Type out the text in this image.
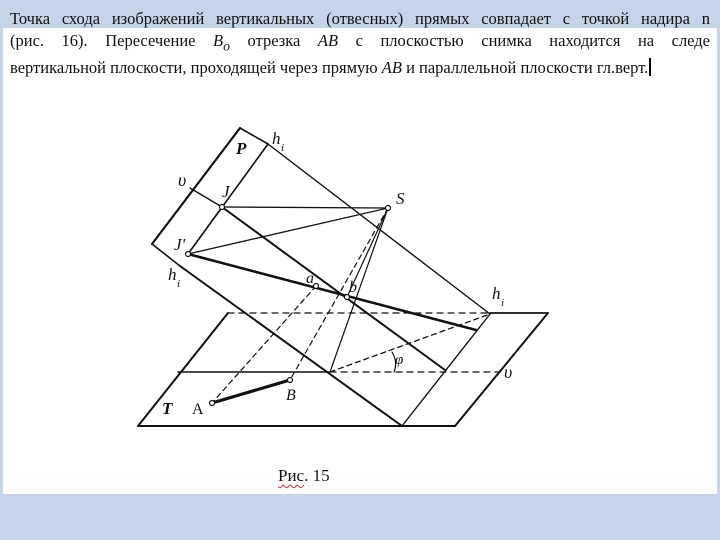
Точка схода изображений вертикальных (отвесных) прямых совпадает с точкой надира n
(рис. 16). Пересечение $B_o$ отрезка AB с плоскостью снимка находится на следе
вертикальной плоскости, проходящей через прямую AB и параллельной плоскости гл.верт.

P
h i
υ
J	S
J'
h i	a
b	h i
φ
υ
T A
B
Рис. 15
